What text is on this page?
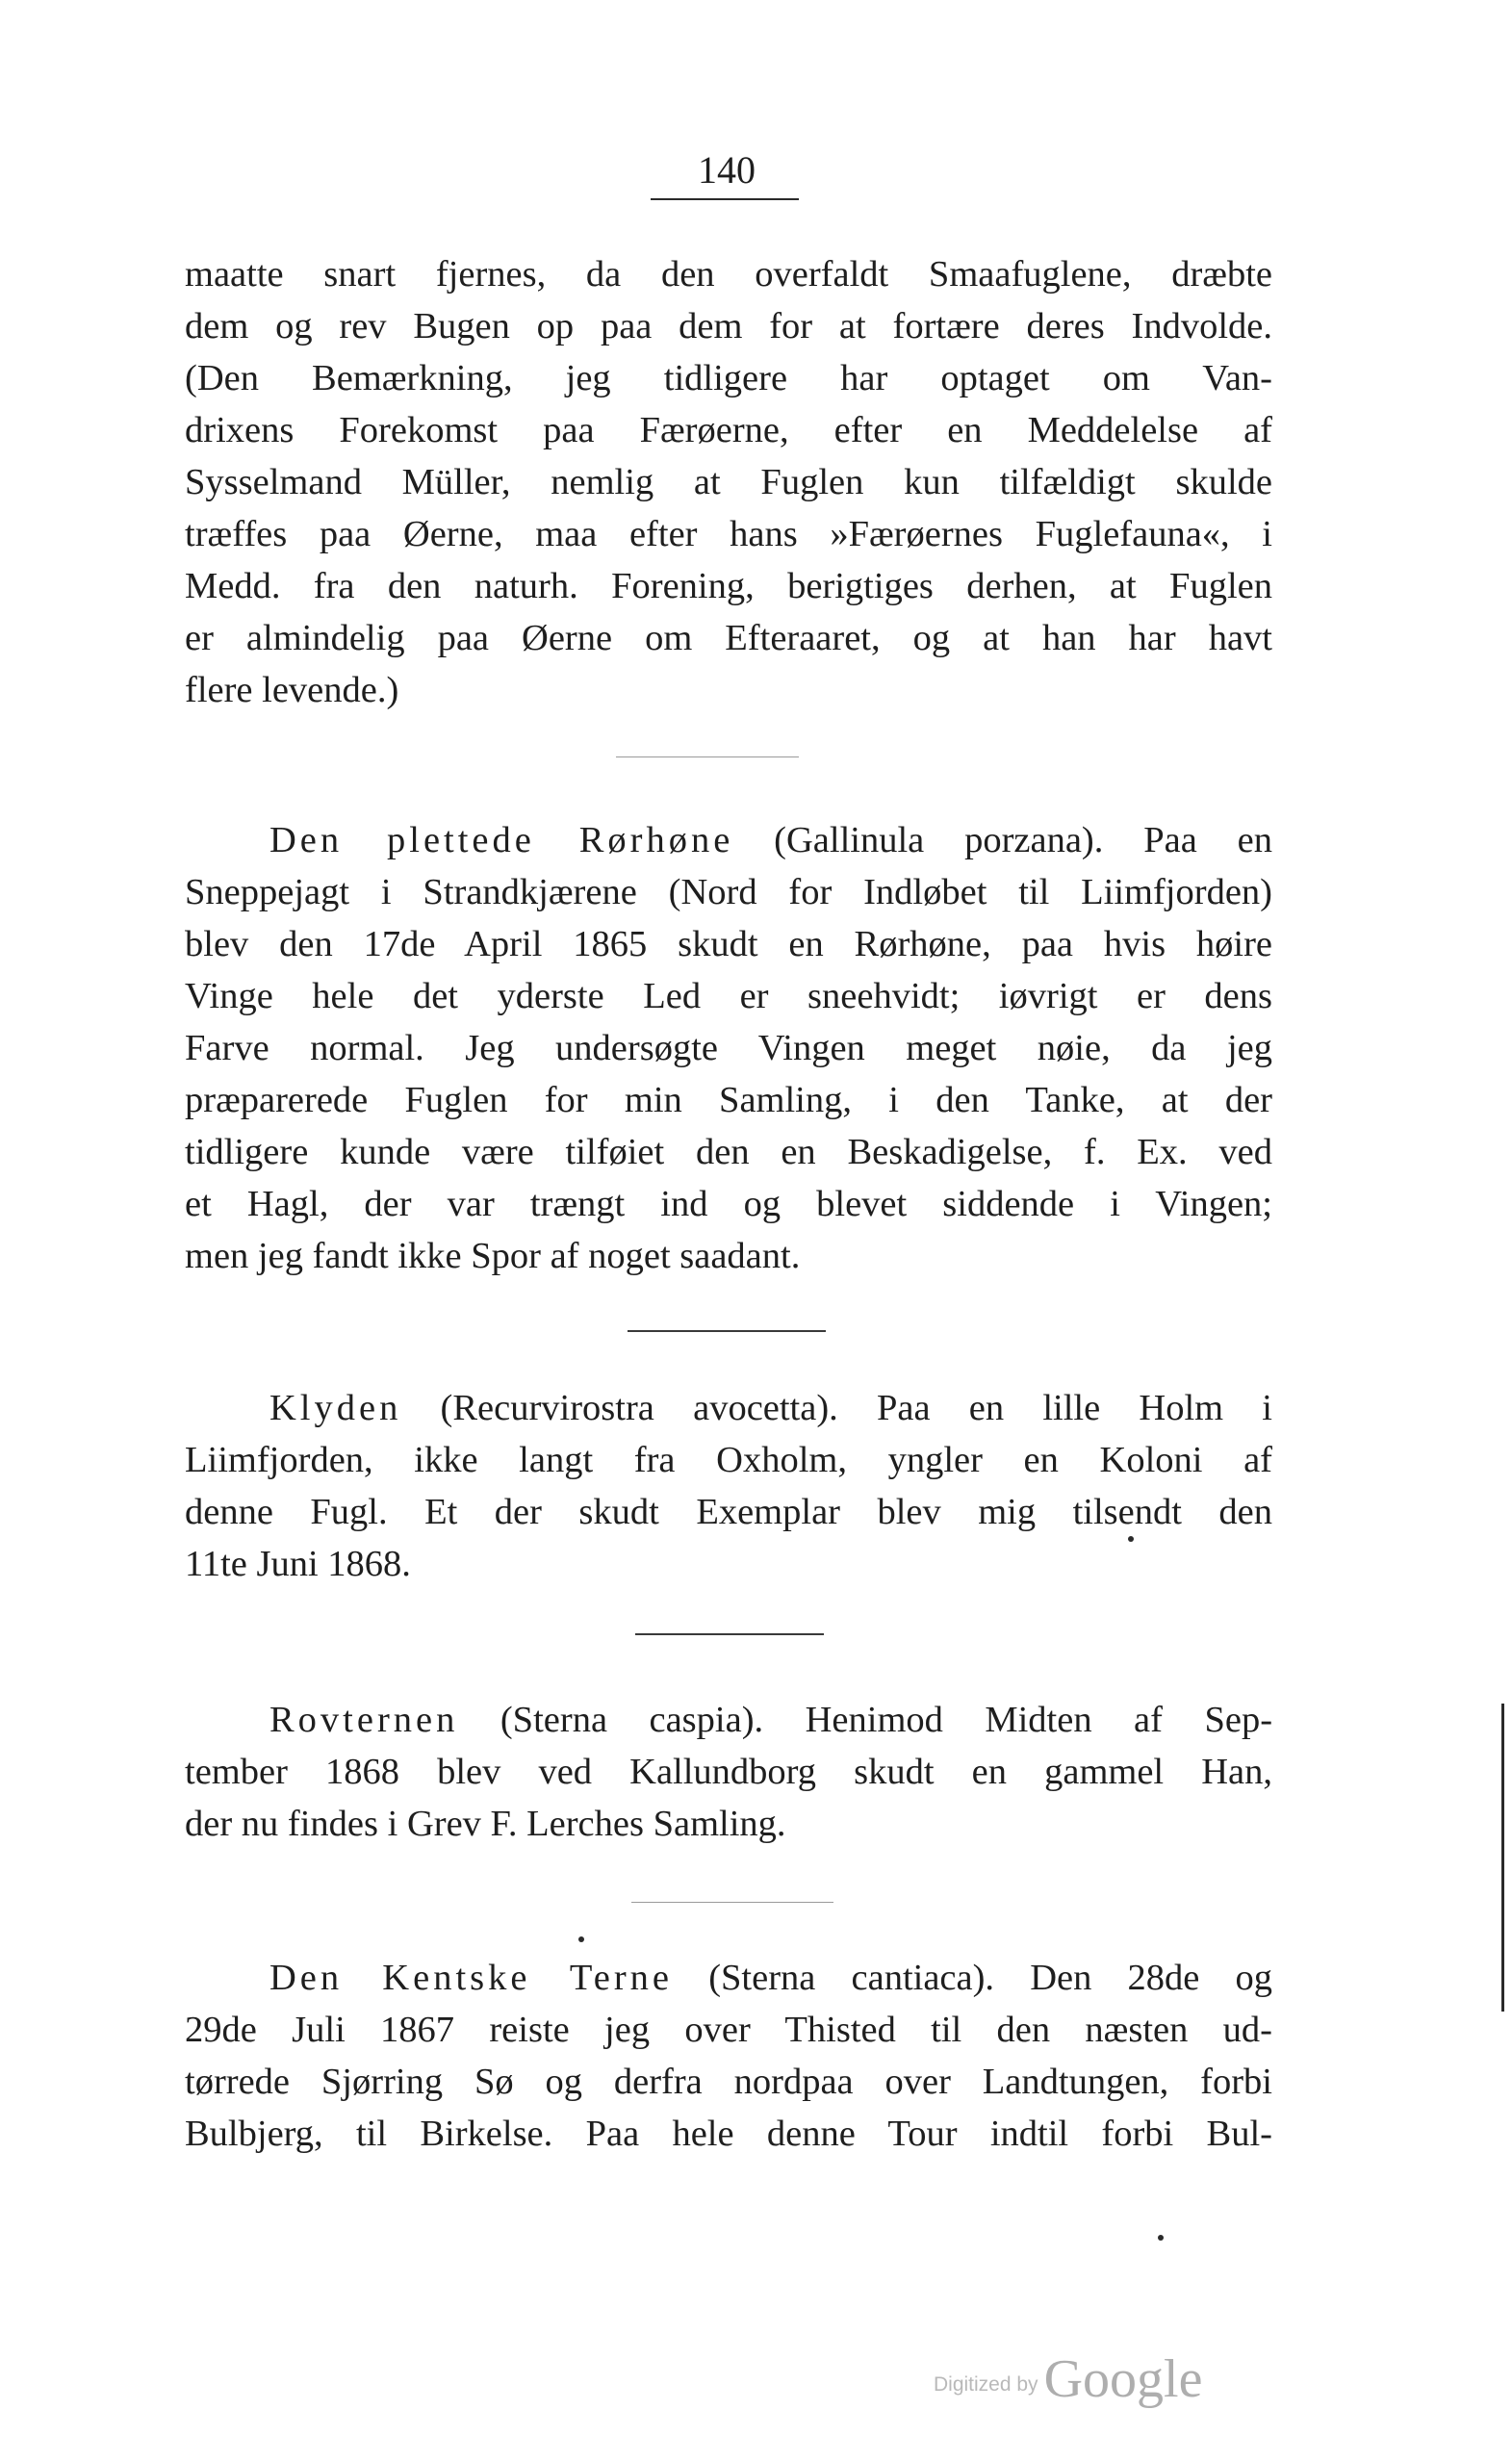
140
maatte snart fjernes, da den overfaldt Smaafuglene, dræbte
dem og rev Bugen op paa dem for at fortære deres Indvolde.
(Den Bemærkning, jeg tidligere har optaget om Van-
drixens Forekomst paa Færøerne, efter en Meddelelse af
Sysselmand Müller, nemlig at Fuglen kun tilfældigt skulde
træffes paa Øerne, maa efter hans »Færøernes Fuglefauna«, i
Medd. fra den naturh. Forening, berigtiges derhen, at Fuglen
er almindelig paa Øerne om Efteraaret, og at han har havt
flere levende.)
Den plettede Rørhøne (Gallinula porzana). Paa en
Sneppejagt i Strandkjærene (Nord for Indløbet til Liimfjorden)
blev den 17de April 1865 skudt en Rørhøne, paa hvis høire
Vinge hele det yderste Led er sneehvidt; iøvrigt er dens
Farve normal. Jeg undersøgte Vingen meget nøie, da jeg
præparerede Fuglen for min Samling, i den Tanke, at der
tidligere kunde være tilføiet den en Beskadigelse, f. Ex. ved
et Hagl, der var trængt ind og blevet siddende i Vingen;
men jeg fandt ikke Spor af noget saadant.
Klyden (Recurvirostra avocetta). Paa en lille Holm i
Liimfjorden, ikke langt fra Oxholm, yngler en Koloni af
denne Fugl. Et der skudt Exemplar blev mig tilsendt den
11te Juni 1868.
Rovternen (Sterna caspia). Henimod Midten af Sep-
tember 1868 blev ved Kallundborg skudt en gammel Han,
der nu findes i Grev F. Lerches Samling.
Den Kentske Terne (Sterna cantiaca). Den 28de og
29de Juli 1867 reiste jeg over Thisted til den næsten ud-
tørrede Sjørring Sø og derfra nordpaa over Landtungen, forbi
Bulbjerg, til Birkelse. Paa hele denne Tour indtil forbi Bul-
Digitized by Google
